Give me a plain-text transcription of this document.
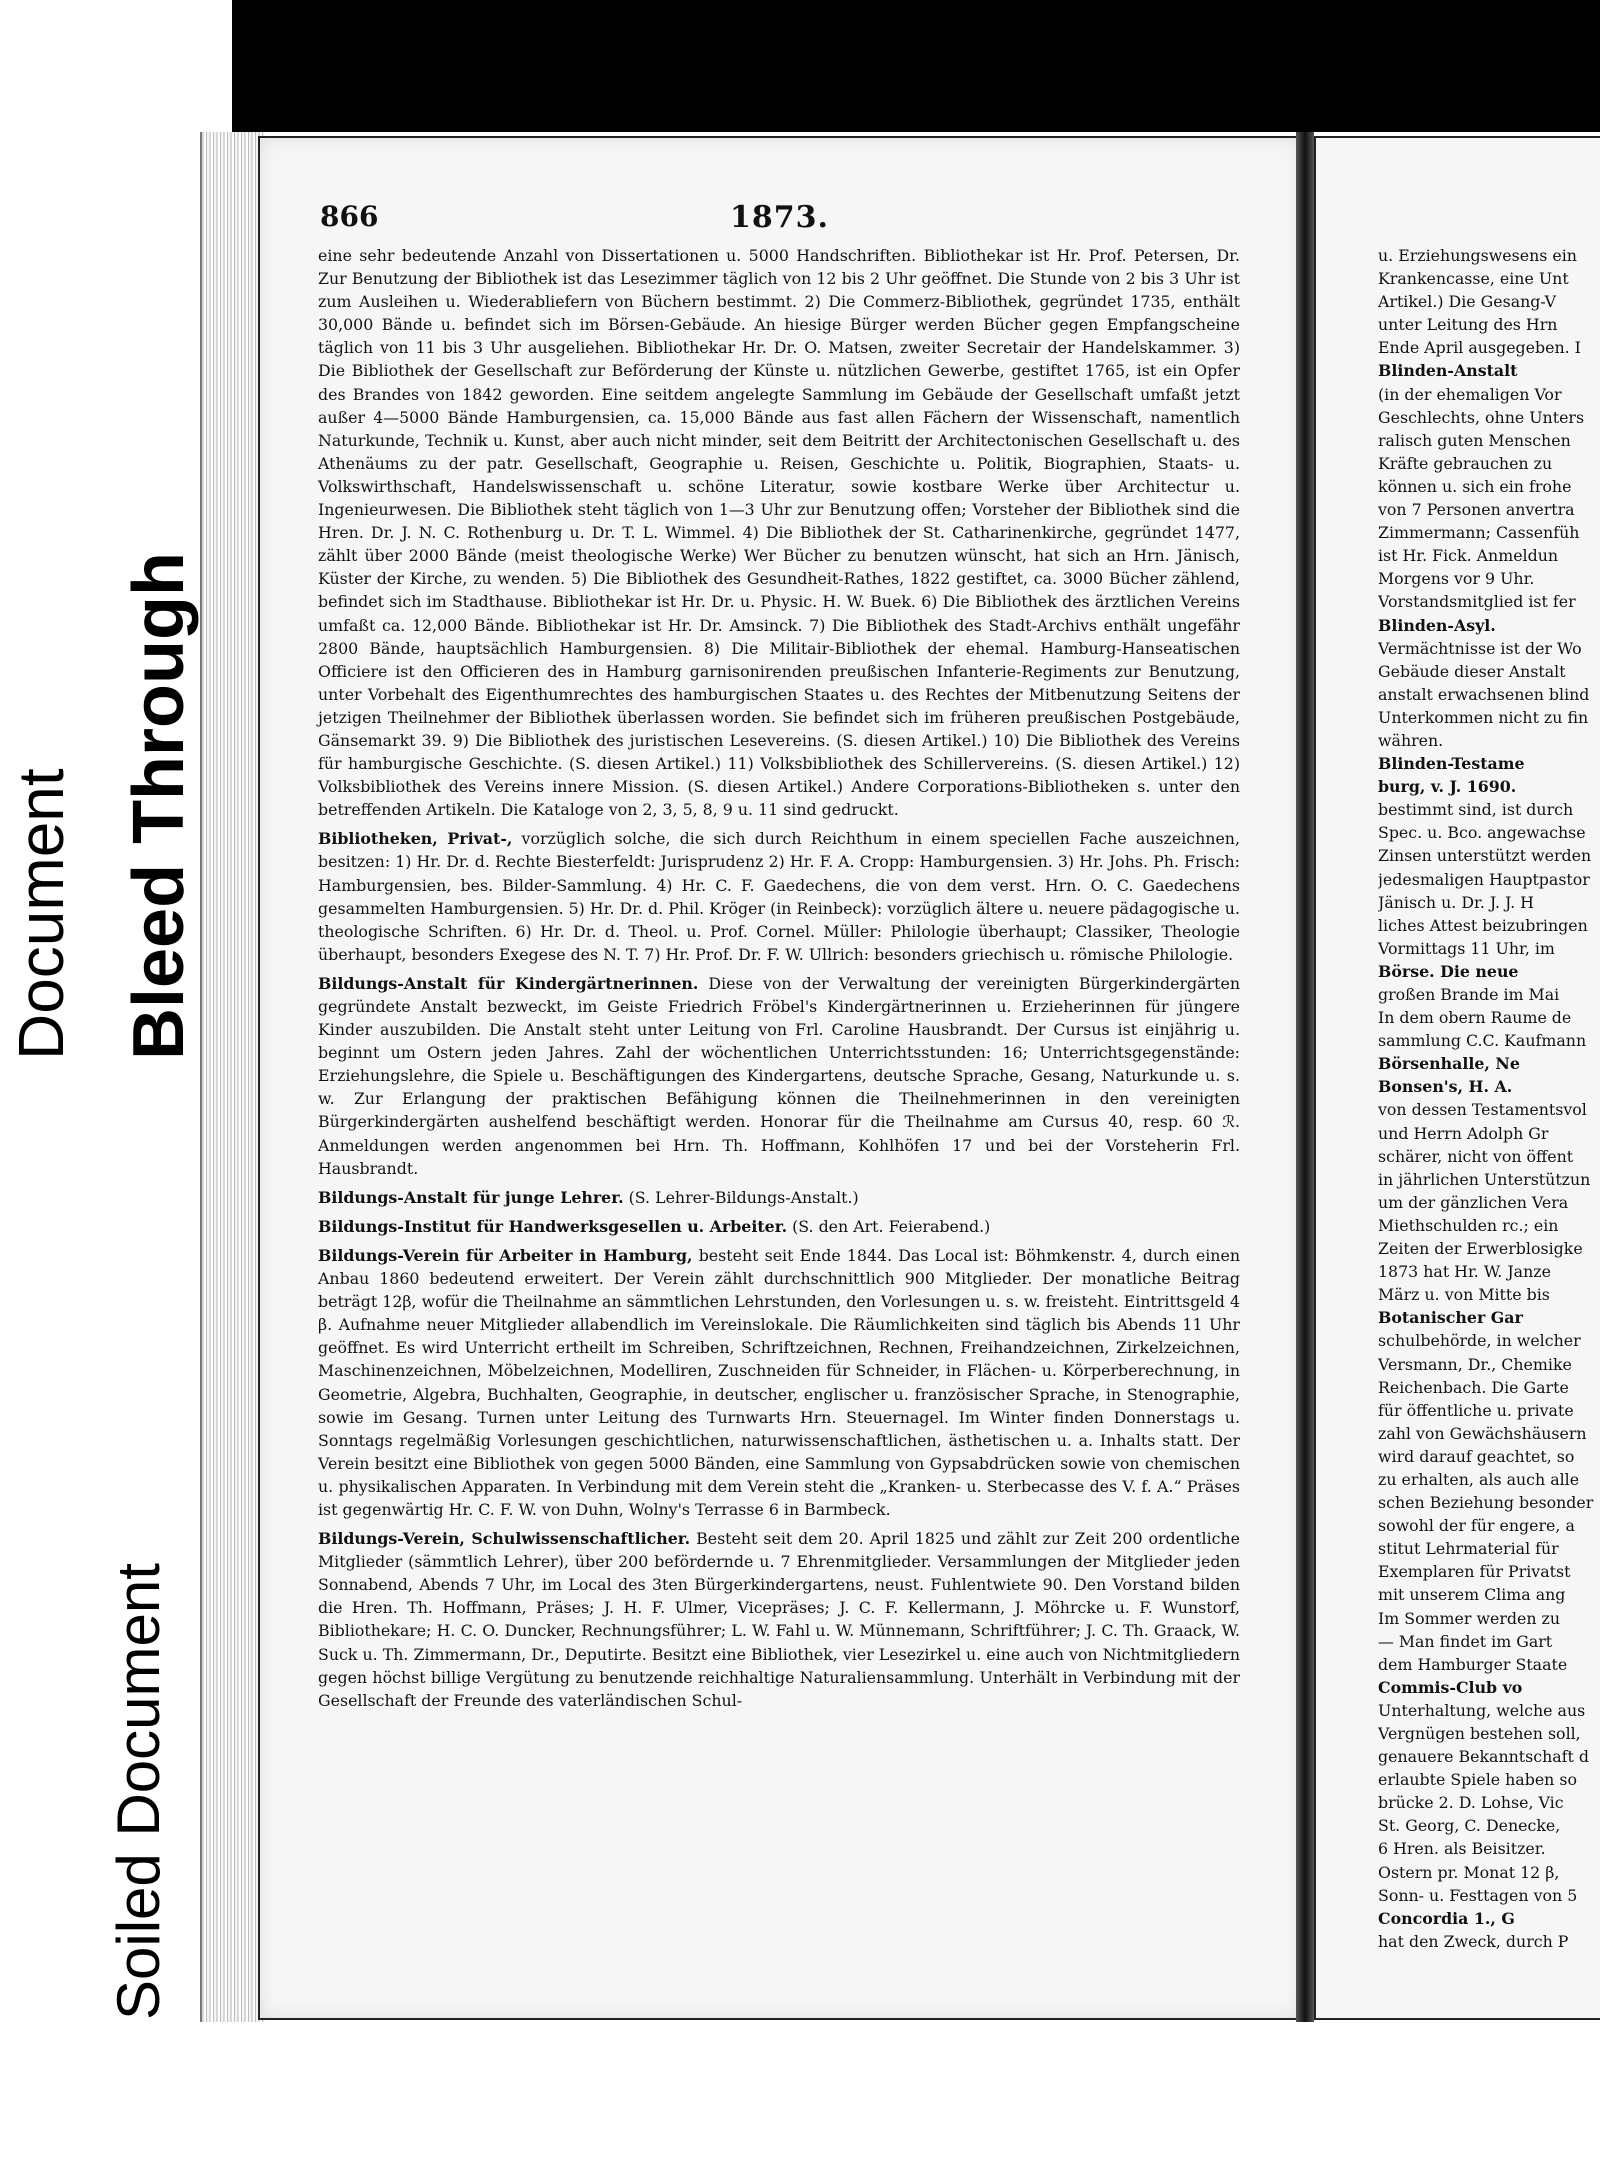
Document Bleed Through
Soiled Document
866	1873.

eine sehr bedeutende Anzahl von Dissertationen u. 5000 Handschriften. Bibliothekar ist Hr. Prof. Petersen, Dr. Zur Benutzung der Bibliothek ist das Lesezimmer täglich von 12 bis 2 Uhr geöffnet. Die Stunde von 2 bis 3 Uhr ist zum Ausleihen u. Wiederabliefern von Büchern bestimmt. 2) Die Commerz-Bibliothek, gegründet 1735, enthält 30,000 Bände u. befindet sich im Börsen-Gebäude. An hiesige Bürger werden Bücher gegen Empfangscheine täglich von 11 bis 3 Uhr ausgeliehen. Bibliothekar Hr. Dr. O. Matsen, zweiter Secretair der Handelskammer. 3) Die Bibliothek der Gesellschaft zur Beförderung der Künste u. nützlichen Gewerbe, gestiftet 1765, ist ein Opfer des Brandes von 1842 geworden. Eine seitdem angelegte Sammlung im Gebäude der Gesellschaft umfaßt jetzt außer 4—5000 Bände Hamburgensien, ca. 15,000 Bände aus fast allen Fächern der Wissenschaft, namentlich Naturkunde, Technik u. Kunst, aber auch nicht minder, seit dem Beitritt der Architectonischen Gesellschaft u. des Athenäums zu der patr. Gesellschaft, Geographie u. Reisen, Geschichte u. Politik, Biographien, Staats- u. Volkswirthschaft, Handelswissenschaft u. schöne Literatur, sowie kostbare Werke über Architectur u. Ingenieurwesen. Die Bibliothek steht täglich von 1—3 Uhr zur Benutzung offen; Vorsteher der Bibliothek sind die Hren. Dr. J. N. C. Rothenburg u. Dr. T. L. Wimmel. 4) Die Bibliothek der St. Catharinenkirche, gegründet 1477, zählt über 2000 Bände (meist theologische Werke) Wer Bücher zu benutzen wünscht, hat sich an Hrn. Jänisch, Küster der Kirche, zu wenden. 5) Die Bibliothek des Gesundheit-Rathes, 1822 gestiftet, ca. 3000 Bücher zählend, befindet sich im Stadthause. Bibliothekar ist Hr. Dr. u. Physic. H. W. Buek. 6) Die Bibliothek des ärztlichen Vereins umfaßt ca. 12,000 Bände. Bibliothekar ist Hr. Dr. Amsinck. 7) Die Bibliothek des Stadt-Archivs enthält ungefähr 2800 Bände, hauptsächlich Hamburgensien. 8) Die Militair-Bibliothek der ehemal. Hamburg-Hanseatischen Officiere ist den Officieren des in Hamburg garnisonirenden preußischen Infanterie-Regiments zur Benutzung, unter Vorbehalt des Eigenthumrechtes des hamburgischen Staates u. des Rechtes der Mitbenutzung Seitens der jetzigen Theilnehmer der Bibliothek überlassen worden. Sie befindet sich im früheren preußischen Postgebäude, Gänsemarkt 39. 9) Die Bibliothek des juristischen Lesevereins. (S. diesen Artikel.) 10) Die Bibliothek des Vereins für hamburgische Geschichte. (S. diesen Artikel.) 11) Volksbibliothek des Schillervereins. (S. diesen Artikel.) 12) Volksbibliothek des Vereins innere Mission. (S. diesen Artikel.) Andere Corporations-Bibliotheken s. unter den betreffenden Artikeln. Die Kataloge von 2, 3, 5, 8, 9 u. 11 sind gedruckt.

Bibliotheken, Privat-, vorzüglich solche, die sich durch Reichthum in einem speciellen Fache auszeichnen, besitzen: 1) Hr. Dr. d. Rechte Biesterfeldt: Jurisprudenz 2) Hr. F. A. Cropp: Hamburgensien. 3) Hr. Johs. Ph. Frisch: Hamburgensien, bes. Bilder-Sammlung. 4) Hr. C. F. Gaedechens, die von dem verst. Hrn. O. C. Gaedechens gesammelten Hamburgensien. 5) Hr. Dr. d. Phil. Kröger (in Reinbeck): vorzüglich ältere u. neuere pädagogische u. theologische Schriften. 6) Hr. Dr. d. Theol. u. Prof. Cornel. Müller: Philologie überhaupt; Classiker, Theologie überhaupt, besonders Exegese des N. T. 7) Hr. Prof. Dr. F. W. Ullrich: besonders griechisch u. römische Philologie.

Bildungs-Anstalt für Kindergärtnerinnen. Diese von der Verwaltung der vereinigten Bürgerkindergärten gegründete Anstalt bezweckt, im Geiste Friedrich Fröbel's Kindergärtnerinnen u. Erzieherinnen für jüngere Kinder auszubilden. Die Anstalt steht unter Leitung von Frl. Caroline Hausbrandt. Der Cursus ist einjährig u. beginnt um Ostern jeden Jahres. Zahl der wöchentlichen Unterrichtsstunden: 16; Unterrichtsgegenstände: Erziehungslehre, die Spiele u. Beschäftigungen des Kindergartens, deutsche Sprache, Gesang, Naturkunde u. s. w. Zur Erlangung der praktischen Befähigung können die Theilnehmerinnen in den vereinigten Bürgerkindergärten aushelfend beschäftigt werden. Honorar für die Theilnahme am Cursus 40, resp. 60 ℛ. Anmeldungen werden angenommen bei Hrn. Th. Hoffmann, Kohlhöfen 17 und bei der Vorsteherin Frl. Hausbrandt.

Bildungs-Anstalt für junge Lehrer. (S. Lehrer-Bildungs-Anstalt.)

Bildungs-Institut für Handwerksgesellen u. Arbeiter. (S. den Art. Feierabend.)

Bildungs-Verein für Arbeiter in Hamburg, besteht seit Ende 1844. Das Local ist: Böhmkenstr. 4, durch einen Anbau 1860 bedeutend erweitert. Der Verein zählt durchschnittlich 900 Mitglieder. Der monatliche Beitrag beträgt 12β, wofür die Theilnahme an sämmtlichen Lehrstunden, den Vorlesungen u. s. w. freisteht. Eintrittsgeld 4 β. Aufnahme neuer Mitglieder allabendlich im Vereinslokale. Die Räumlichkeiten sind täglich bis Abends 11 Uhr geöffnet. Es wird Unterricht ertheilt im Schreiben, Schriftzeichnen, Rechnen, Freihandzeichnen, Zirkelzeichnen, Maschinenzeichnen, Möbelzeichnen, Modelliren, Zuschneiden für Schneider, in Flächen- u. Körperberechnung, in Geometrie, Algebra, Buchhalten, Geographie, in deutscher, englischer u. französischer Sprache, in Stenographie, sowie im Gesang. Turnen unter Leitung des Turnwarts Hrn. Steuernagel. Im Winter finden Donnerstags u. Sonntags regelmäßig Vorlesungen geschichtlichen, naturwissenschaftlichen, ästhetischen u. a. Inhalts statt. Der Verein besitzt eine Bibliothek von gegen 5000 Bänden, eine Sammlung von Gypsabdrücken sowie von chemischen u. physikalischen Apparaten. In Verbindung mit dem Verein steht die „Kranken- u. Sterbecasse des V. f. A.“ Präses ist gegenwärtig Hr. C. F. W. von Duhn, Wolny's Terrasse 6 in Barmbeck.

Bildungs-Verein, Schulwissenschaftlicher. Besteht seit dem 20. April 1825 und zählt zur Zeit 200 ordentliche Mitglieder (sämmtlich Lehrer), über 200 befördernde u. 7 Ehrenmitglieder. Versammlungen der Mitglieder jeden Sonnabend, Abends 7 Uhr, im Local des 3ten Bürgerkindergartens, neust. Fuhlentwiete 90. Den Vorstand bilden die Hren. Th. Hoffmann, Präses; J. H. F. Ulmer, Vicepräses; J. C. F. Kellermann, J. Möhrcke u. F. Wunstorf, Bibliothekare; H. C. O. Duncker, Rechnungsführer; L. W. Fahl u. W. Münnemann, Schriftführer; J. C. Th. Graack, W. Suck u. Th. Zimmermann, Dr., Deputirte. Besitzt eine Bibliothek, vier Lesezirkel u. eine auch von Nichtmitgliedern gegen höchst billige Vergütung zu benutzende reichhaltige Naturaliensammlung. Unterhält in Verbindung mit der Gesellschaft der Freunde des vaterländischen Schul-

u. Erziehungswesens ein
Krankencasse, eine Unt
Artikel.) Die Gesang-V
unter Leitung des Hrn
Ende April ausgegeben. I
Blinden-Anstalt
(in der ehemaligen Vor
Geschlechts, ohne Unters
ralisch guten Menschen
Kräfte gebrauchen zu
können u. sich ein frohe
von 7 Personen anvertra
Zimmermann; Cassenfüh
ist Hr. Fick. Anmeldun
Morgens vor 9 Uhr.
Vorstandsmitglied ist fer
Blinden-Asyl.
Vermächtnisse ist der Wo
Gebäude dieser Anstalt
anstalt erwachsenen blind
Unterkommen nicht zu fin
währen.
Blinden-Testame
burg, v. J. 1690.
bestimmt sind, ist durch
Spec. u. Bco. angewachse
Zinsen unterstützt werden
jedesmaligen Hauptpastor
Jänisch u. Dr. J. J. H
liches Attest beizubringen
Vormittags 11 Uhr, im
Börse. Die neue
großen Brande im Mai
In dem obern Raume de
sammlung C.C. Kaufmann
Börsenhalle, Ne
Bonsen's, H. A.
von dessen Testamentsvol
und Herrn Adolph Gr
schärer, nicht von öffent
in jährlichen Unterstützun
um der gänzlichen Vera
Miethschulden rc.; ein
Zeiten der Erwerblosigke
1873 hat Hr. W. Janze
März u. von Mitte bis
Botanischer Gar
schulbehörde, in welcher
Versmann, Dr., Chemike
Reichenbach. Die Garte
für öffentliche u. private
zahl von Gewächshäusern
wird darauf geachtet, so
zu erhalten, als auch alle
schen Beziehung besonder
sowohl der für engere, a
stitut Lehrmaterial für
Exemplaren für Privatst
mit unserem Clima ang
Im Sommer werden zu
— Man findet im Gart
dem Hamburger Staate
Commis-Club vo
Unterhaltung, welche aus
Vergnügen bestehen soll,
genauere Bekanntschaft d
erlaubte Spiele haben so
brücke 2. D. Lohse, Vic
St. Georg, C. Denecke,
6 Hren. als Beisitzer.
Ostern pr. Monat 12 β,
Sonn- u. Festtagen von 5
Concordia 1., G
hat den Zweck, durch P
